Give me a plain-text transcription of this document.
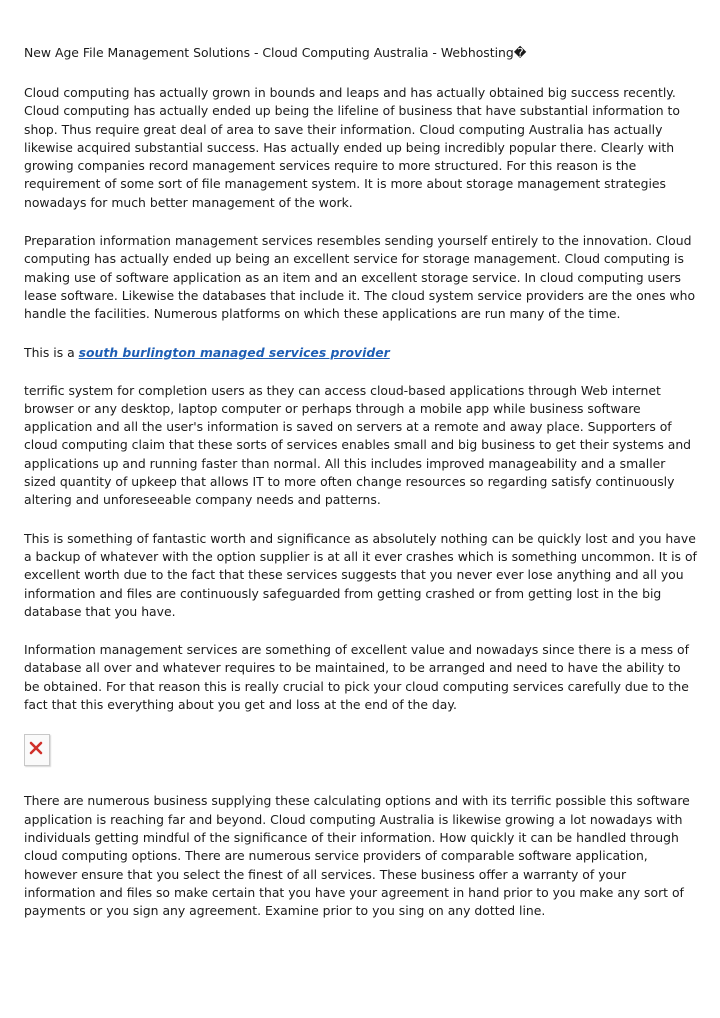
New Age File Management Solutions - Cloud Computing Australia - Webhosting�

Cloud computing has actually grown in bounds and leaps and has actually obtained big success recently. Cloud computing has actually ended up being the lifeline of business that have substantial information to shop. Thus require great deal of area to save their information. Cloud computing Australia has actually likewise acquired substantial success. Has actually ended up being incredibly popular there. Clearly with growing companies record management services require to more structured. For this reason is the requirement of some sort of file management system. It is more about storage management strategies nowadays for much better management of the work.

Preparation information management services resembles sending yourself entirely to the innovation. Cloud computing has actually ended up being an excellent service for storage management. Cloud computing is making use of software application as an item and an excellent storage service. In cloud computing users lease software. Likewise the databases that include it. The cloud system service providers are the ones who handle the facilities. Numerous platforms on which these applications are run many of the time.

This is a south burlington managed services provider

terrific system for completion users as they can access cloud-based applications through Web internet browser or any desktop, laptop computer or perhaps through a mobile app while business software application and all the user's information is saved on servers at a remote and away place. Supporters of cloud computing claim that these sorts of services enables small and big business to get their systems and applications up and running faster than normal. All this includes improved manageability and a smaller sized quantity of upkeep that allows IT to more often change resources so regarding satisfy continuously altering and unforeseeable company needs and patterns.

This is something of fantastic worth and significance as absolutely nothing can be quickly lost and you have a backup of whatever with the option supplier is at all it ever crashes which is something uncommon. It is of excellent worth due to the fact that these services suggests that you never ever lose anything and all you information and files are continuously safeguarded from getting crashed or from getting lost in the big database that you have.

Information management services are something of excellent value and nowadays since there is a mess of database all over and whatever requires to be maintained, to be arranged and need to have the ability to be obtained. For that reason this is really crucial to pick your cloud computing services carefully due to the fact that this everything about you get and loss at the end of the day.

There are numerous business supplying these calculating options and with its terrific possible this software application is reaching far and beyond. Cloud computing Australia is likewise growing a lot nowadays with individuals getting mindful of the significance of their information. How quickly it can be handled through cloud computing options. There are numerous service providers of comparable software application, however ensure that you select the finest of all services. These business offer a warranty of your information and files so make certain that you have your agreement in hand prior to you make any sort of payments or you sign any agreement. Examine prior to you sing on any dotted line.
